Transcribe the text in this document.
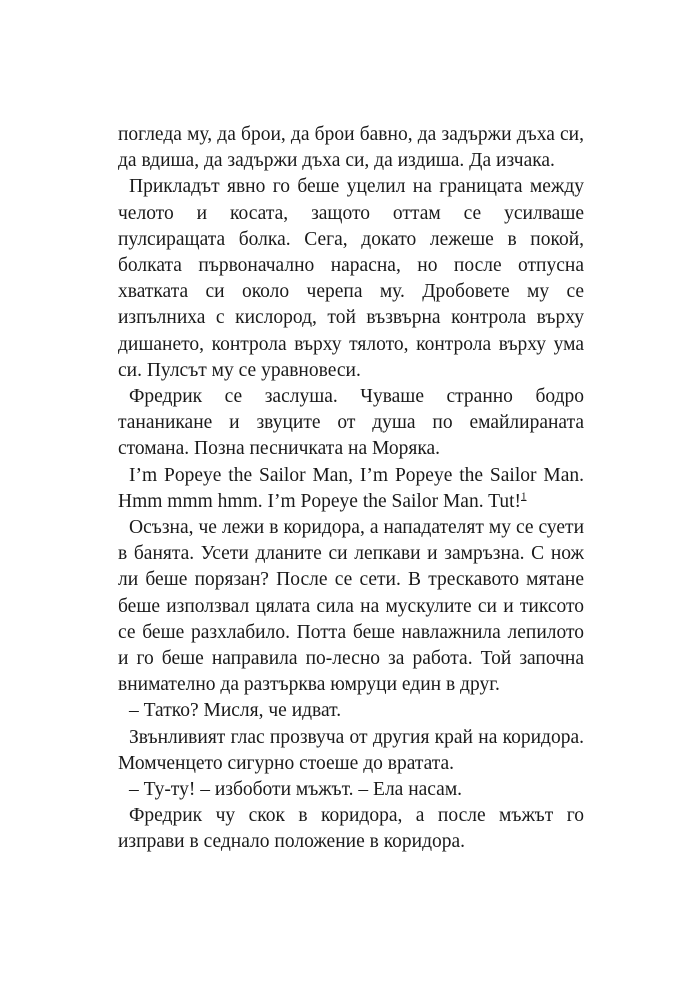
погледа му, да брои, да брои бавно, да задържи дъха си, да вдиша, да задържи дъха си, да издиша. Да изчака.

Прикладът явно го беше уцелил на границата между челото и косата, защото оттам се усилваше пулсиращата болка. Сега, докато лежеше в покой, болката първоначално нарасна, но после отпусна хватката си около черепа му. Дробовете му се изпълниха с кислород, той възвърна контрола върху дишането, контрола върху тялото, контрола върху ума си. Пулсът му се уравновеси.

Фредрик се заслуша. Чуваше странно бодро тананикане и звуците от душа по емайлираната стомана. Позна песничката на Моряка.

I’m Popeye the Sailor Man, I’m Popeye the Sailor Man. Hmm mmm hmm. I’m Popeye the Sailor Man. Tut!$^1$

Осъзна, че лежи в коридора, а нападателят му се суети в банята. Усети дланите си лепкави и замръзна. С нож ли беше порязан? После се сети. В трескавото мятане беше използвал цялата сила на мускулите си и тиксото се беше разхлабило. Потта беше навлажнила лепилото и го беше направила по-лесно за работа. Той започна внимателно да разтърква юмруци един в друг.

– Татко? Мисля, че идват.

Звънливият глас прозвуча от другия край на коридора. Момченцето сигурно стоеше до вратата.

– Ту-ту! – избоботи мъжът. – Ела насам.

Фредрик чу скок в коридора, а после мъжът го изправи в седнало положение в коридора.
